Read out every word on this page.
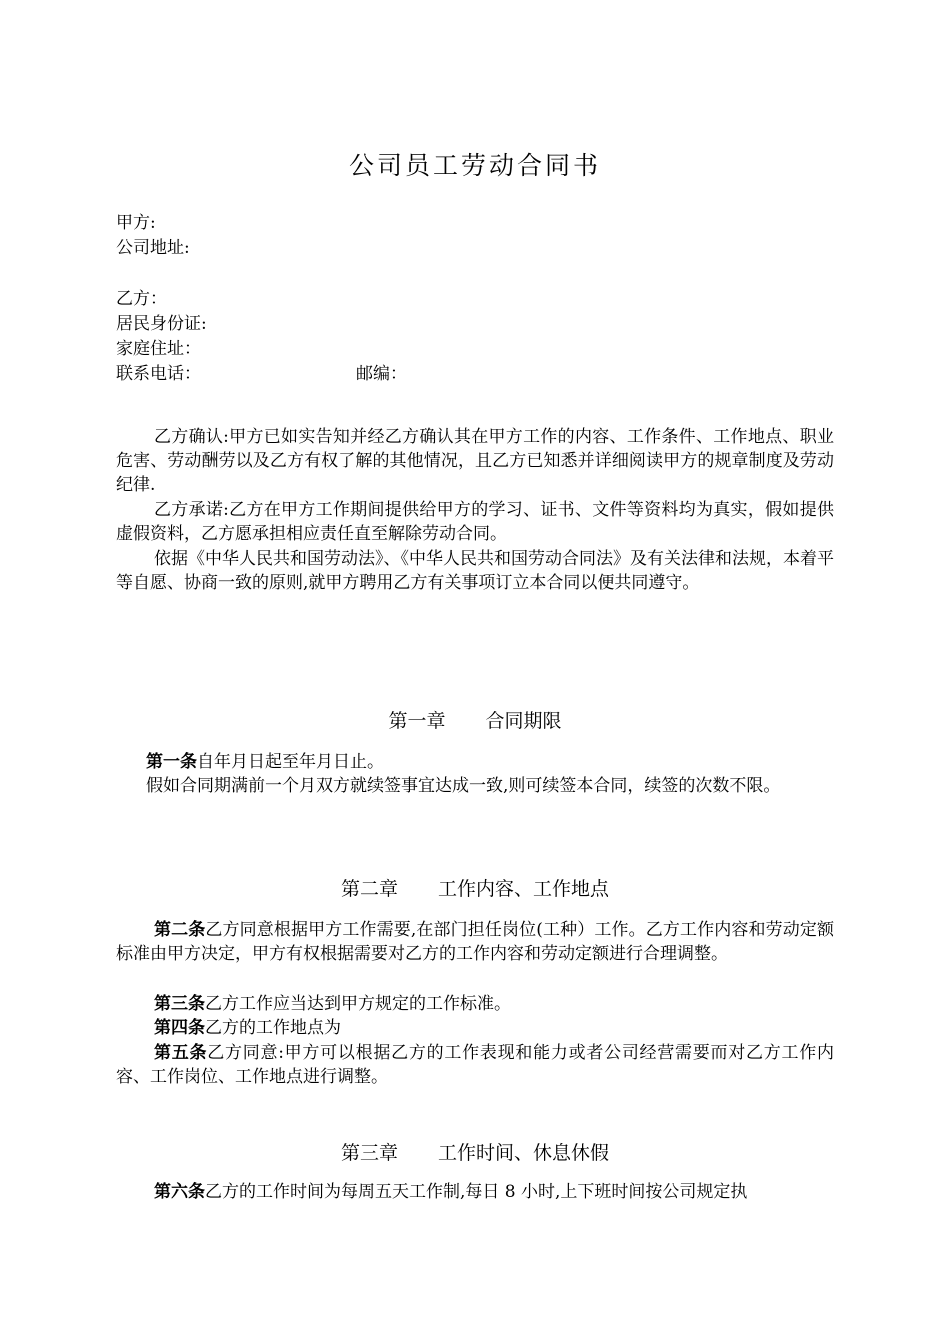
公司员工劳动合同书
甲方:
公司地址:
乙方：
居民身份证:
家庭住址：
联系电话：	邮编：
乙方确认:甲方已如实告知并经乙方确认其在甲方工作的内容、工作条件、工作地点、职业危害、劳动酬劳以及乙方有权了解的其他情况，且乙方已知悉并详细阅读甲方的规章制度及劳动纪律.
乙方承诺:乙方在甲方工作期间提供给甲方的学习、证书、文件等资料均为真实，假如提供虚假资料，乙方愿承担相应责任直至解除劳动合同。
依据《中华人民共和国劳动法》、《中华人民共和国劳动合同法》及有关法律和法规，本着平等自愿、协商一致的原则,就甲方聘用乙方有关事项订立本合同以便共同遵守。
第一章 合同期限
第一条自年月日起至年月日止。
假如合同期满前一个月双方就续签事宜达成一致,则可续签本合同，续签的次数不限。
第二章 工作内容、工作地点
第二条乙方同意根据甲方工作需要,在部门担任岗位(工种）工作。乙方工作内容和劳动定额标准由甲方决定，甲方有权根据需要对乙方的工作内容和劳动定额进行合理调整。
第三条乙方工作应当达到甲方规定的工作标准。
第四条乙方的工作地点为
第五条乙方同意:甲方可以根据乙方的工作表现和能力或者公司经营需要而对乙方工作内容、工作岗位、工作地点进行调整。
第三章 工作时间、休息休假
第六条乙方的工作时间为每周五天工作制,每日 8 小时,上下班时间按公司规定执
